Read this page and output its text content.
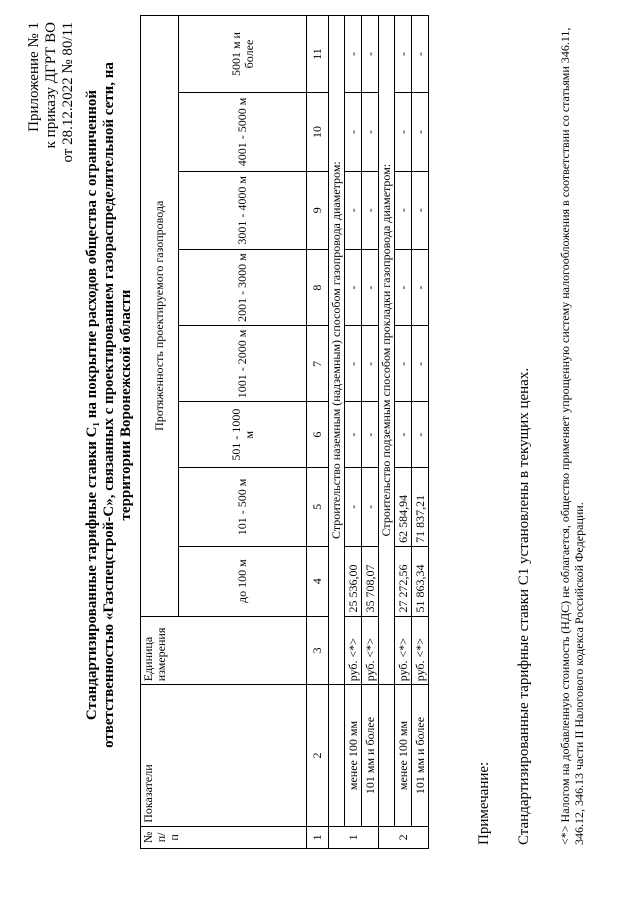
Приложение № 1 к приказу ДГРТ ВО от 28.12.2022 № 80/11 Стандартизированные тарифные ставки С₁ на покрытие расходов общества с ограниченной ответственностью «Газспецстрой-С», связанных с проектированием газораспределительной сети, на территории Воронежской области
№ п/п	Показатели	Единица измерения	Протяженность проектируемого газопровода							
			до 100 м	101 - 500 м	501 - 1000 м	1001 - 2000 м	2001 - 3000 м	3001 - 4000 м	4001 - 5000 м	5001 м и более
1	2	3	4	5	6	7	8	9	10	11
1		Строительство наземным (надземным) способом газопровода диаметром:								
	менее 100 мм	руб. <*>	25 536,00	-	-	-	-	-	-	-
	101 мм и более	руб. <*>	35 708,07	-	-	-	-	-	-	-
2		Строительство подземным способом прокладки газопровода диаметром:								
	менее 100 мм	руб. <*>	27 272,56	62 584,94	-	-	-	-	-	-
	101 мм и более	руб. <*>	51 863,34	71 837,21	-	-	-	-	-	-
Примечание: Стандартизированные тарифные ставки С1 установлены в текущих ценах. <*> Налогом на добавленную стоимость (НДС) не облагается, общество применяет упрощенную систему налогообложения в соответствии со статьями 346.11, 346.12, 346.13 части II Налогового кодекса Российской Федерации.
